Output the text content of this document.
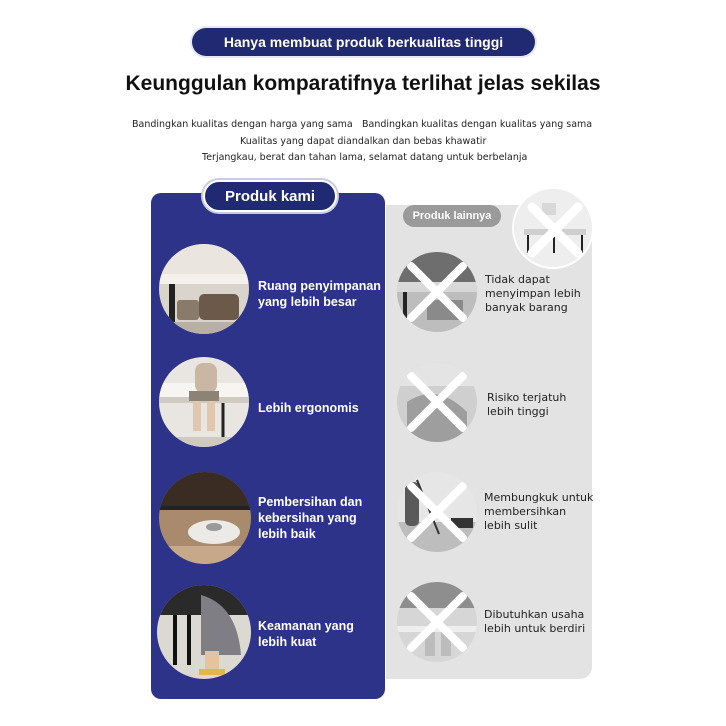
Hanya membuat produk berkualitas tinggi
Keunggulan komparatifnya terlihat jelas sekilas
Bandingkan kualitas dengan harga yang sama Bandingkan kualitas dengan kualitas yang sama
Kualitas yang dapat diandalkan dan bebas khawatir
Terjangkau, berat dan tahan lama, selamat datang untuk berbelanja
Produk kami
Produk lainnya
Ruang penyimpanan
yang lebih besar
Lebih ergonomis
Pembersihan dan
kebersihan yang
lebih baik
Keamanan yang
lebih kuat
Tidak dapat
menyimpan lebih
banyak barang
Risiko terjatuh
lebih tinggi
Membungkuk untuk
membersihkan
lebih sulit
Dibutuhkan usaha
lebih untuk berdiri
